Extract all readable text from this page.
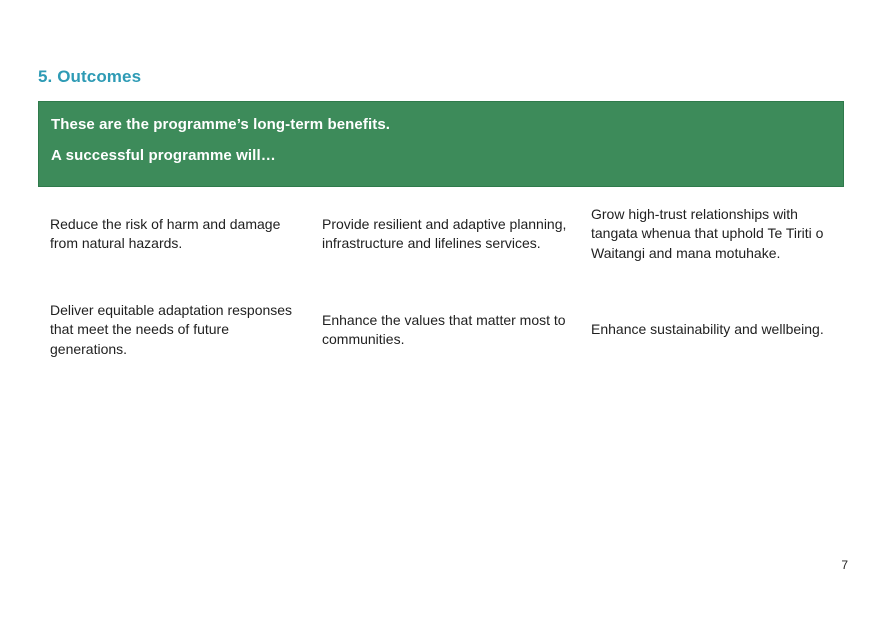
5. Outcomes

These are the programme’s long-term benefits.

A successful programme will…

Reduce the risk of harm and damage from natural hazards.
Provide resilient and adaptive planning, infrastructure and lifelines services.
Grow high-trust relationships with tangata whenua that uphold Te Tiriti o Waitangi and mana motuhake.
Deliver equitable adaptation responses that meet the needs of future generations.
Enhance the values that matter most to communities.
Enhance sustainability and wellbeing.
7
